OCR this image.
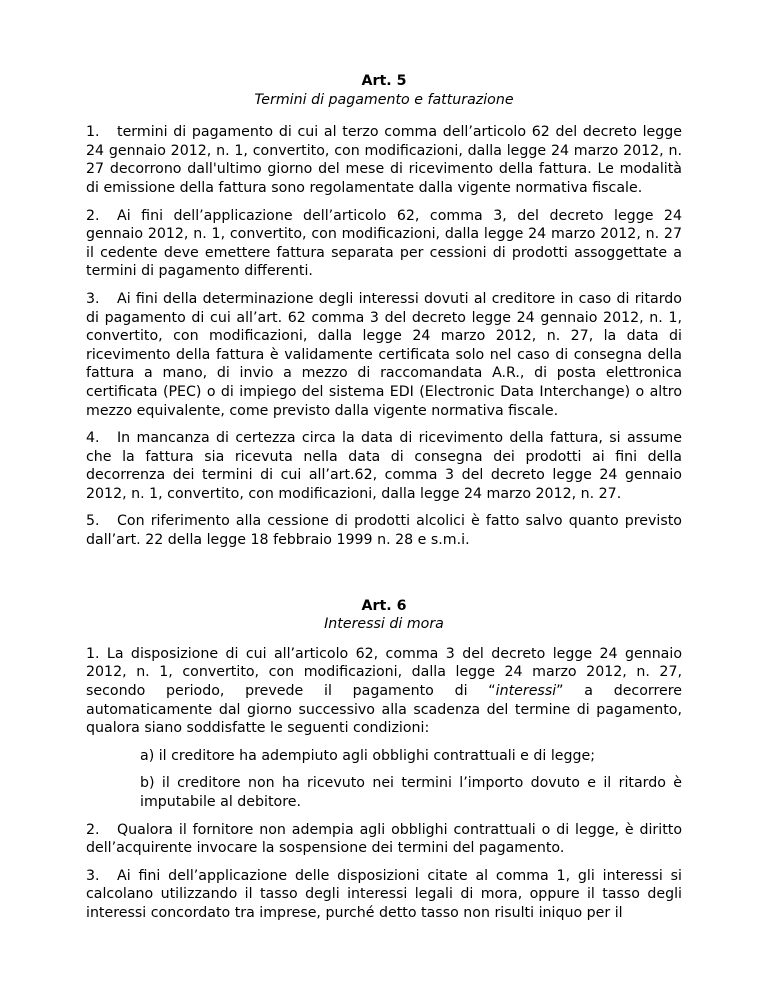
Art. 5
Termini di pagamento e fatturazione

1. termini di pagamento di cui al terzo comma dell’articolo 62 del decreto legge 24 gennaio 2012, n. 1, convertito, con modificazioni, dalla legge 24 marzo 2012, n. 27 decorrono dall'ultimo giorno del mese di ricevimento della fattura. Le modalità di emissione della fattura sono regolamentate dalla vigente normativa fiscale.

2. Ai fini dell’applicazione dell’articolo 62, comma 3, del decreto legge 24 gennaio 2012, n. 1, convertito, con modificazioni, dalla legge 24 marzo 2012, n. 27 il cedente deve emettere fattura separata per cessioni di prodotti assoggettate a termini di pagamento differenti.

3. Ai fini della determinazione degli interessi dovuti al creditore in caso di ritardo di pagamento di cui all’art. 62 comma 3 del decreto legge 24 gennaio 2012, n. 1, convertito, con modificazioni, dalla legge 24 marzo 2012, n. 27, la data di ricevimento della fattura è validamente certificata solo nel caso di consegna della fattura a mano, di invio a mezzo di raccomandata A.R., di posta elettronica certificata (PEC) o di impiego del sistema EDI (Electronic Data Interchange) o altro mezzo equivalente, come previsto dalla vigente normativa fiscale.

4. In mancanza di certezza circa la data di ricevimento della fattura, si assume che la fattura sia ricevuta nella data di consegna dei prodotti ai fini della decorrenza dei termini di cui all’art.62, comma 3 del decreto legge 24 gennaio 2012, n. 1, convertito, con modificazioni, dalla legge 24 marzo 2012, n. 27.

5. Con riferimento alla cessione di prodotti alcolici è fatto salvo quanto previsto dall’art. 22 della legge 18 febbraio 1999 n. 28 e s.m.i.

Art. 6
Interessi di mora

1. La disposizione di cui all’articolo 62, comma 3 del decreto legge 24 gennaio 2012, n. 1, convertito, con modificazioni, dalla legge 24 marzo 2012, n. 27, secondo periodo, prevede il pagamento di “interessi” a decorrere automaticamente dal giorno successivo alla scadenza del termine di pagamento, qualora siano soddisfatte le seguenti condizioni:

a) il creditore ha adempiuto agli obblighi contrattuali e di legge;

b) il creditore non ha ricevuto nei termini l’importo dovuto e il ritardo è imputabile al debitore.

2. Qualora il fornitore non adempia agli obblighi contrattuali o di legge, è diritto dell’acquirente invocare la sospensione dei termini del pagamento.

3. Ai fini dell’applicazione delle disposizioni citate al comma 1, gli interessi si calcolano utilizzando il tasso degli interessi legali di mora, oppure il tasso degli interessi concordato tra imprese, purché detto tasso non risulti iniquo per il
